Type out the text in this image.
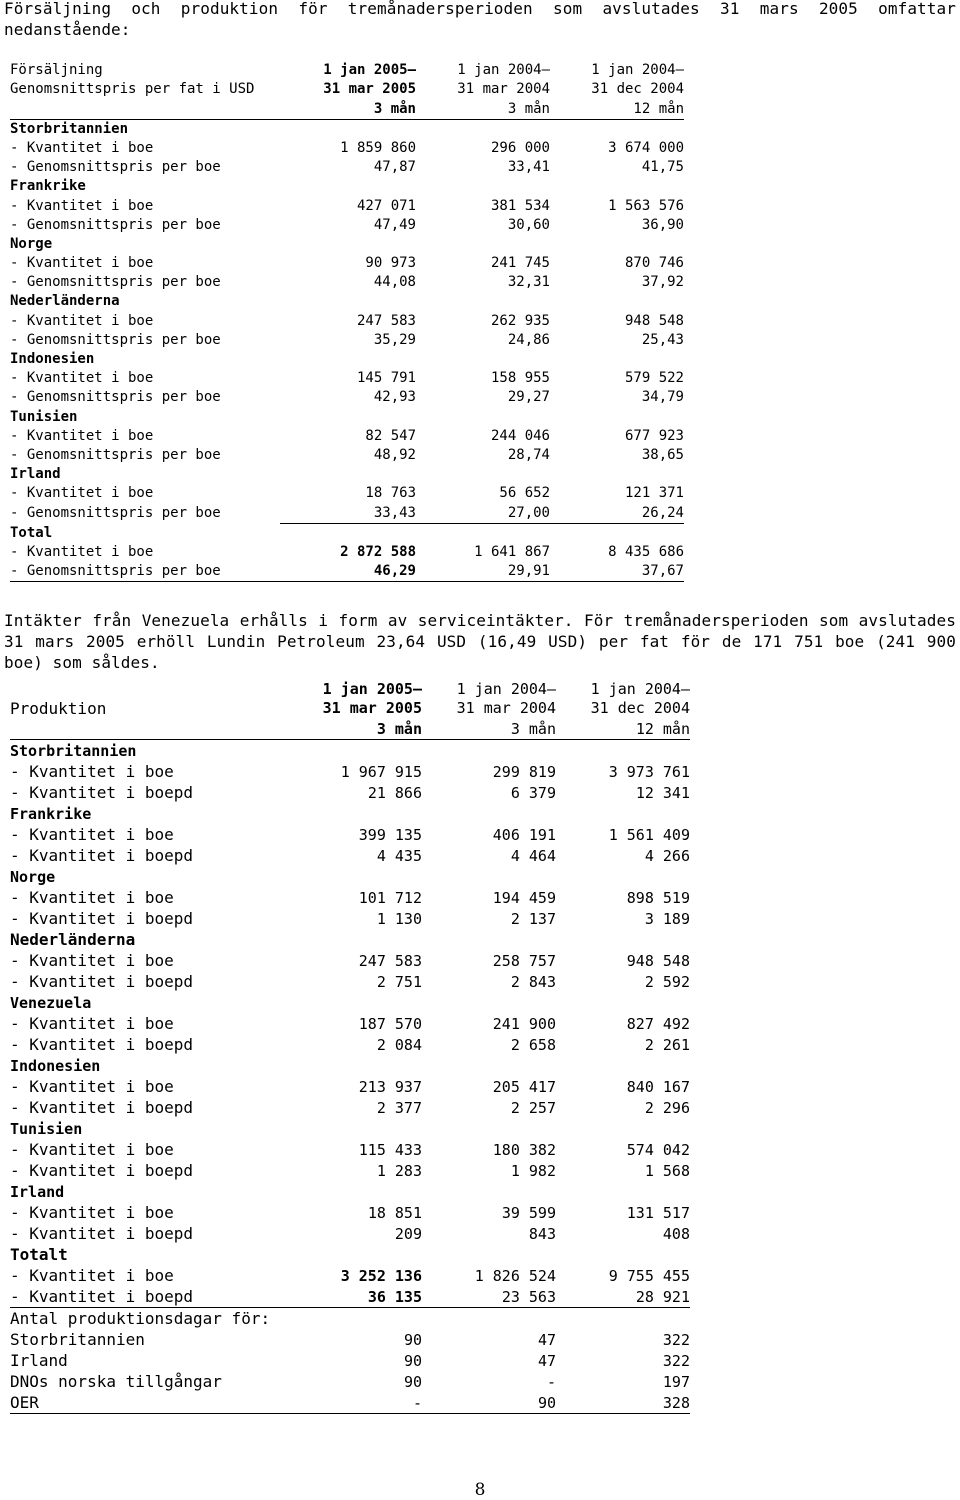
Försäljning och produktion för tremånadersperioden som avslutades 31 mars 2005 omfattar nedanstående:
Försäljning	1 jan 2005–	1 jan 2004–	1 jan 2004–
Genomsnittspris per fat i USD	31 mar 2005	31 mar 2004	31 dec 2004
	3 mån	3 mån	12 mån
Storbritannien			
- Kvantitet i boe	1 859 860	296 000	3 674 000
- Genomsnittspris per boe	47,87	33,41	41,75
Frankrike			
- Kvantitet i boe	427 071	381 534	1 563 576
- Genomsnittspris per boe	47,49	30,60	36,90
Norge			
- Kvantitet i boe	90 973	241 745	870 746
- Genomsnittspris per boe	44,08	32,31	37,92
Nederländerna			
- Kvantitet i boe	247 583	262 935	948 548
- Genomsnittspris per boe	35,29	24,86	25,43
Indonesien			
- Kvantitet i boe	145 791	158 955	579 522
- Genomsnittspris per boe	42,93	29,27	34,79
Tunisien			
- Kvantitet i boe	82 547	244 046	677 923
- Genomsnittspris per boe	48,92	28,74	38,65
Irland			
- Kvantitet i boe	18 763	56 652	121 371
- Genomsnittspris per boe	33,43	27,00	26,24
Total			
- Kvantitet i boe	2 872 588	1 641 867	8 435 686
- Genomsnittspris per boe	46,29	29,91	37,67
Intäkter från Venezuela erhålls i form av serviceintäkter. För tremånadersperioden som avslutades 31 mars 2005 erhöll Lundin Petroleum 23,64 USD (16,49 USD) per fat för de 171 751 boe (241 900 boe) som såldes.
	1 jan 2005–	1 jan 2004–	1 jan 2004–
Produktion	31 mar 2005	31 mar 2004	31 dec 2004
	3 mån	3 mån	12 mån
Storbritannien			
- Kvantitet i boe	1 967 915	299 819	3 973 761
- Kvantitet i boepd	21 866	6 379	12 341
Frankrike			
- Kvantitet i boe	399 135	406 191	1 561 409
- Kvantitet i boepd	4 435	4 464	4 266
Norge			
- Kvantitet i boe	101 712	194 459	898 519
- Kvantitet i boepd	1 130	2 137	3 189
Nederländerna			
- Kvantitet i boe	247 583	258 757	948 548
- Kvantitet i boepd	2 751	2 843	2 592
Venezuela			
- Kvantitet i boe	187 570	241 900	827 492
- Kvantitet i boepd	2 084	2 658	2 261
Indonesien			
- Kvantitet i boe	213 937	205 417	840 167
- Kvantitet i boepd	2 377	2 257	2 296
Tunisien			
- Kvantitet i boe	115 433	180 382	574 042
- Kvantitet i boepd	1 283	1 982	1 568
Irland			
- Kvantitet i boe	18 851	39 599	131 517
- Kvantitet i boepd	209	843	408
Totalt			
- Kvantitet i boe	3 252 136	1 826 524	9 755 455
- Kvantitet i boepd	36 135	23 563	28 921
Antal produktionsdagar för:			
Storbritannien	90	47	322
Irland	90	47	322
DNOs norska tillgångar	90	-	197
OER	-	90	328
8
